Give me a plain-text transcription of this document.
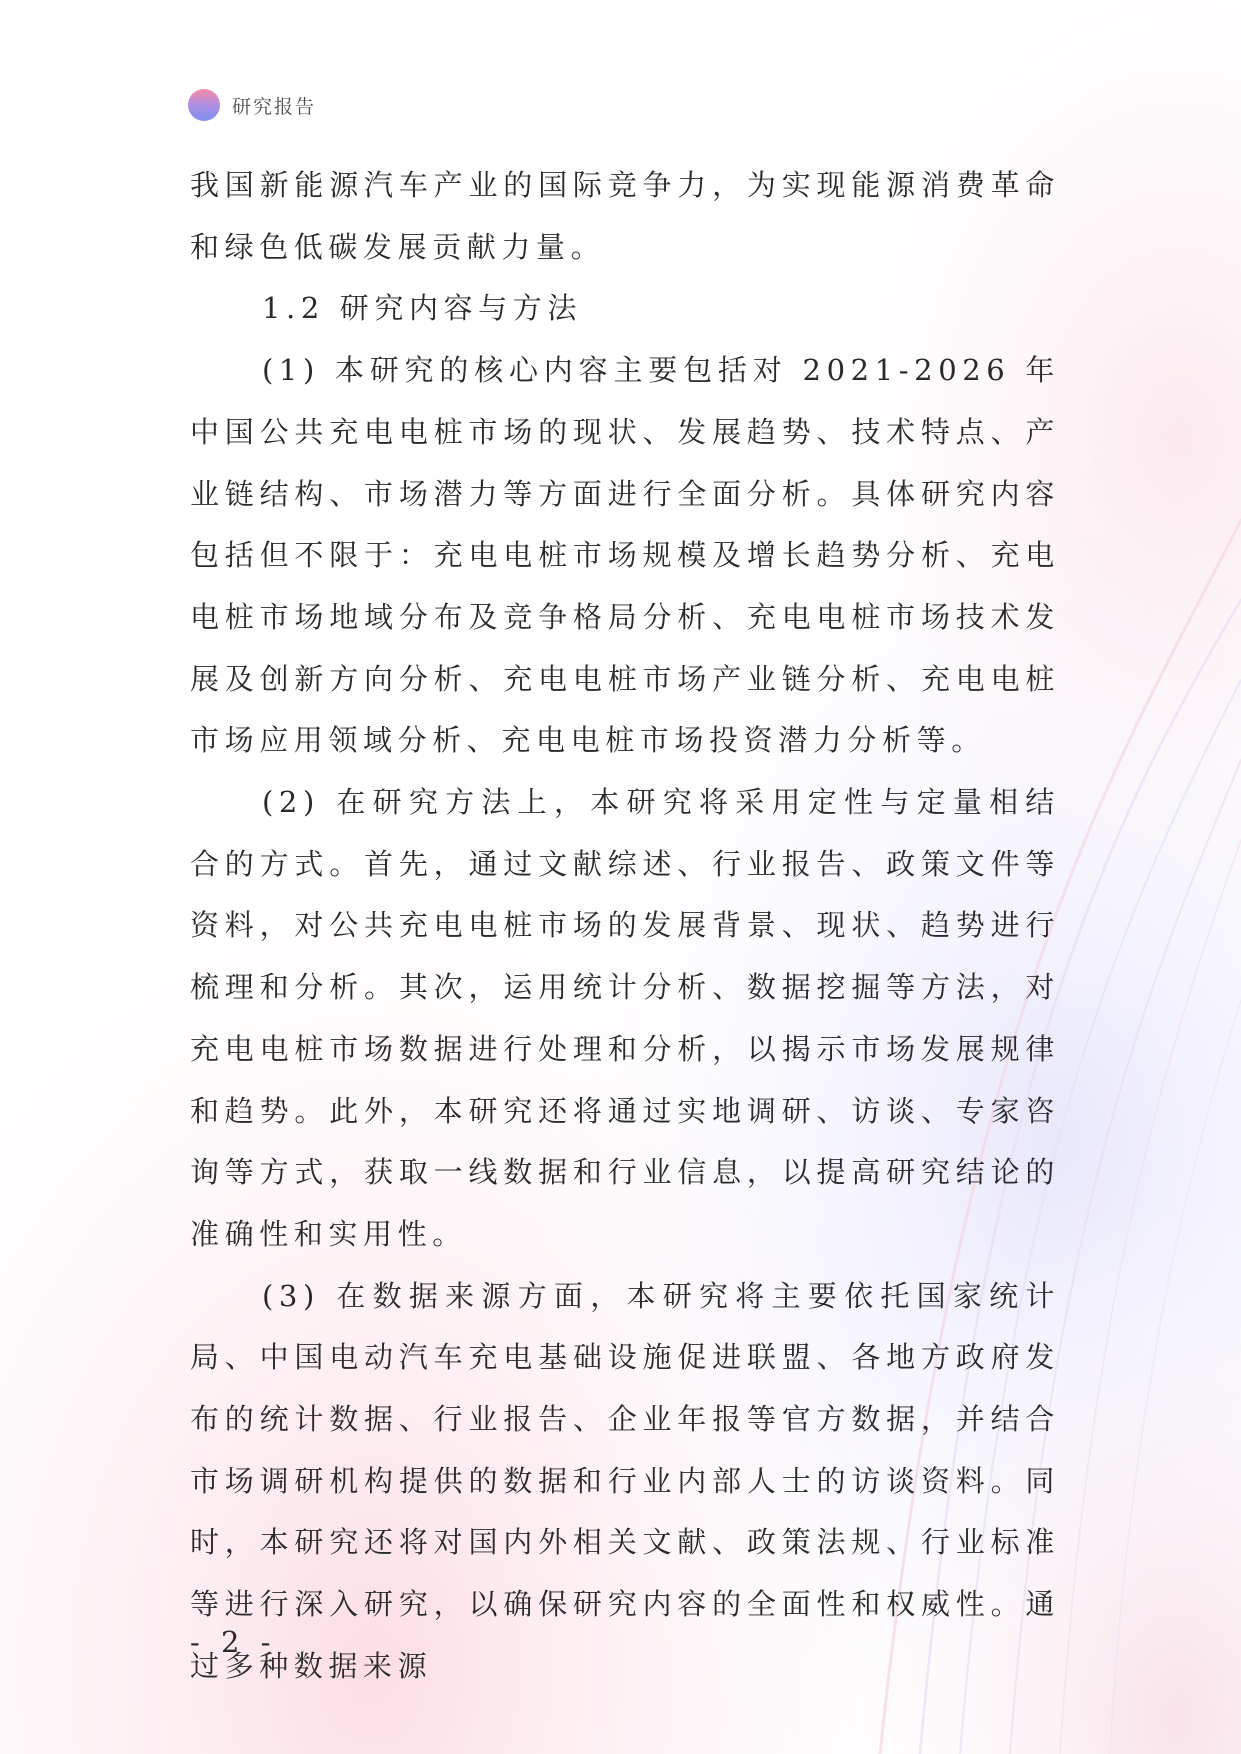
研究报告

我国新能源汽车产业的国际竞争力，为实现能源消费革命和绿色低碳发展贡献力量。

1.2 研究内容与方法

(1) 本研究的核心内容主要包括对 2021-2026 年中国公共充电电桩市场的现状、发展趋势、技术特点、产业链结构、市场潜力等方面进行全面分析。具体研究内容包括但不限于：充电电桩市场规模及增长趋势分析、充电电桩市场地域分布及竞争格局分析、充电电桩市场技术发展及创新方向分析、充电电桩市场产业链分析、充电电桩市场应用领域分析、充电电桩市场投资潜力分析等。

(2) 在研究方法上，本研究将采用定性与定量相结合的方式。首先，通过文献综述、行业报告、政策文件等资料，对公共充电电桩市场的发展背景、现状、趋势进行梳理和分析。其次，运用统计分析、数据挖掘等方法，对充电电桩市场数据进行处理和分析，以揭示市场发展规律和趋势。此外，本研究还将通过实地调研、访谈、专家咨询等方式，获取一线数据和行业信息，以提高研究结论的准确性和实用性。

(3) 在数据来源方面，本研究将主要依托国家统计局、中国电动汽车充电基础设施促进联盟、各地方政府发布的统计数据、行业报告、企业年报等官方数据，并结合市场调研机构提供的数据和行业内部人士的访谈资料。同时，本研究还将对国内外相关文献、政策法规、行业标准等进行深入研究，以确保研究内容的全面性和权威性。通过多种数据来源

- 2 -
